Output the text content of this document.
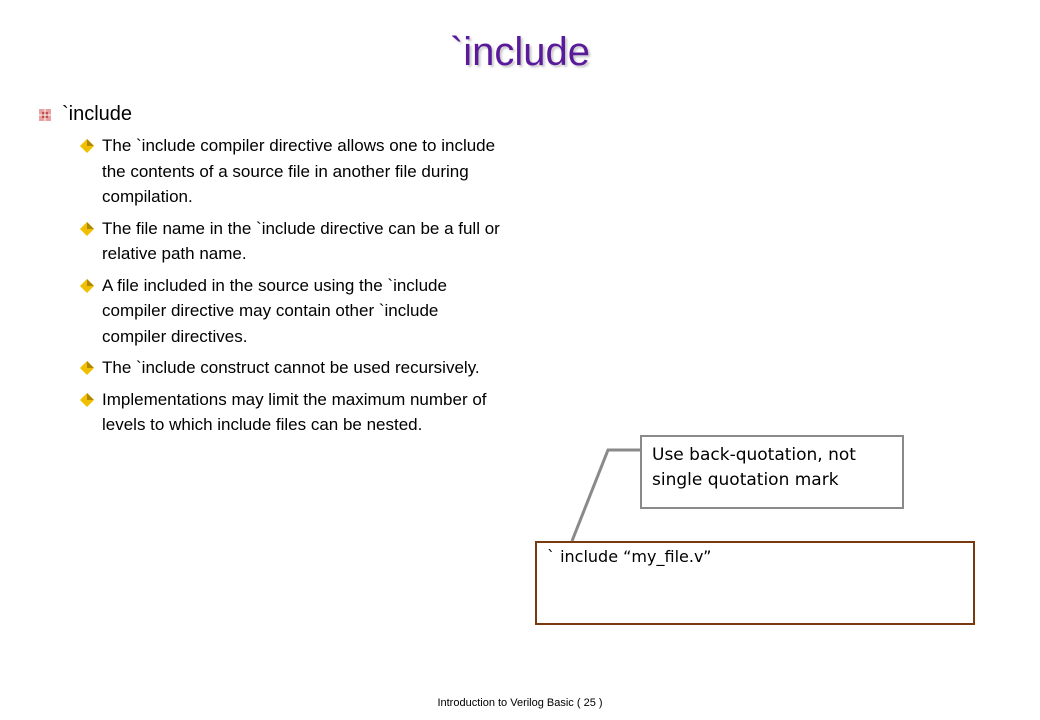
`include
`include
The `include compiler directive allows one to include the contents of a source file in another file during compilation.
The file name in the `include directive can be a full or relative path name.
A file included in the source using the `include compiler directive may contain other `include compiler directives.
The `include construct cannot be used recursively.
Implementations may limit the maximum number of levels to which include files can be nested.
Use back-quotation, not single quotation mark
` include “my_file.v”
Introduction to Verilog Basic ( 25 )
